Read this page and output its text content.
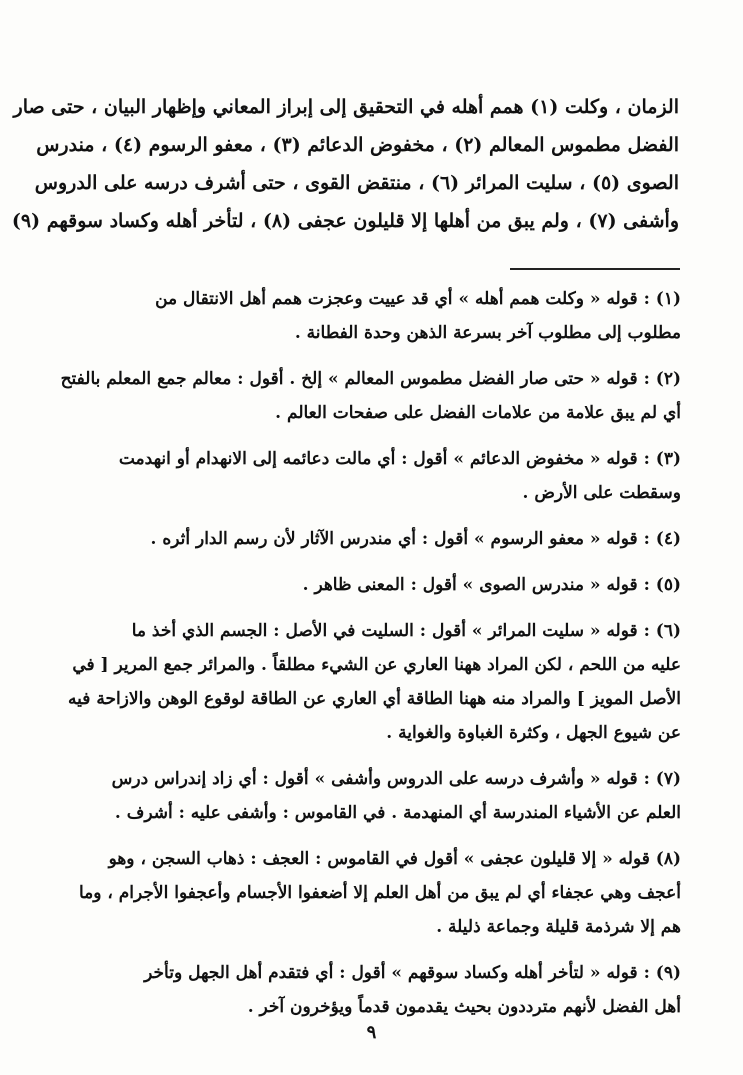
الزمان ، وكلت (١) همم أهله في التحقيق إلى إبراز المعاني وإظهار البيان ، حتى صار
الفضل مطموس المعالم (٢) ، مخفوض الدعائم (٣) ، معفو الرسوم (٤) ، مندرس
الصوى (٥) ، سليت المرائر (٦) ، منتقض القوى ، حتى أشرف درسه على الدروس
وأشفى (٧) ، ولم يبق من أهلها إلا قليلون عجفى (٨) ، لتأخر أهله وكساد سوقهم (٩)
(١) : قوله « وكلت همم أهله » أي قد عييت وعجزت همم أهل الانتقال من
مطلوب إلى مطلوب آخر بسرعة الذهن وحدة الفطانة .
(٢) : قوله « حتى صار الفضل مطموس المعالم » إلخ . أقول : معالم جمع المعلم بالفتح
أي لم يبق علامة من علامات الفضل على صفحات العالم .
(٣) : قوله « مخفوض الدعائم » أقول : أي مالت دعائمه إلى الانهدام أو انهدمت
وسقطت على الأرض .
(٤) : قوله « معفو الرسوم » أقول : أي مندرس الآثار لأن رسم الدار أثره .
(٥) : قوله « مندرس الصوى » أقول : المعنى ظاهر .
(٦) : قوله « سليت المرائر » أقول : السليت في الأصل : الجسم الذي أخذ ما
عليه من اللحم ، لكن المراد ههنا العاري عن الشيء مطلقاً . والمرائر جمع المرير [ في
الأصل المويز ] والمراد منه ههنا الطاقة أي العاري عن الطاقة لوقوع الوهن والازاحة فيه
عن شيوع الجهل ، وكثرة الغباوة والغواية .
(٧) : قوله « وأشرف درسه على الدروس وأشفى » أقول : أي زاد إندراس درس
العلم عن الأشياء المندرسة أي المنهدمة . في القاموس : وأشفى عليه : أشرف .
(٨) قوله « إلا قليلون عجفى » أقول في القاموس : العجف : ذهاب السجن ، وهو
أعجف وهي عجفاء أي لم يبق من أهل العلم إلا أضعفوا الأجسام وأعجفوا الأجرام ، وما
هم إلا شرذمة قليلة وجماعة ذليلة .
(٩) : قوله « لتأخر أهله وكساد سوقهم » أقول : أي فتقدم أهل الجهل وتأخر
أهل الفضل لأنهم مترددون بحيث يقدمون قدماً ويؤخرون آخر .
٩
